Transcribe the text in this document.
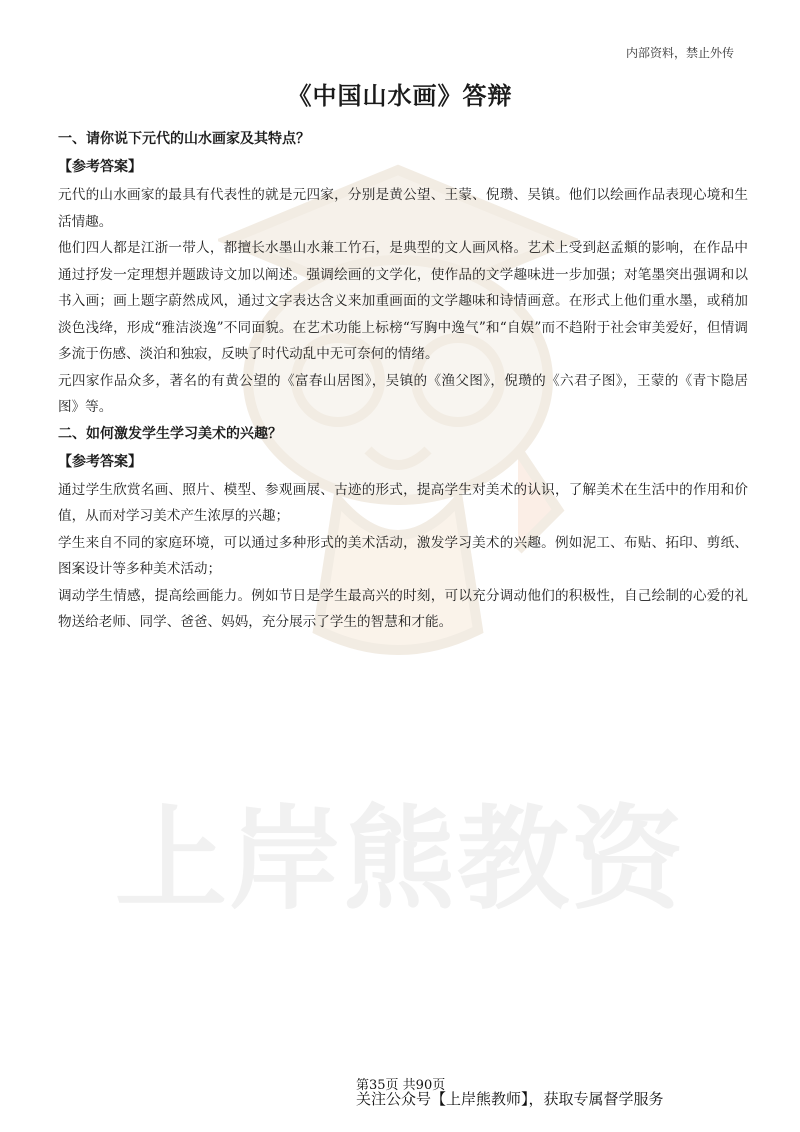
上岸熊教资
内部资料，禁止外传
《中国山水画》答辩
一、请你说下元代的山水画家及其特点？
【参考答案】

元代的山水画家的最具有代表性的就是元四家，分别是黄公望、王蒙、倪瓒、吴镇。他们以绘画作品表现心境和生活情趣。

他们四人都是江浙一带人，都擅长水墨山水兼工竹石，是典型的文人画风格。艺术上受到赵孟頫的影响，在作品中通过抒发一定理想并题跋诗文加以阐述。强调绘画的文学化，使作品的文学趣味进一步加强；对笔墨突出强调和以书入画；画上题字蔚然成风，通过文字表达含义来加重画面的文学趣味和诗情画意。在形式上他们重水墨，或稍加淡色浅绛，形成“雅洁淡逸”不同面貌。在艺术功能上标榜“写胸中逸气”和“自娱”而不趋附于社会审美爱好，但情调多流于伤感、淡泊和独寂，反映了时代动乱中无可奈何的情绪。

元四家作品众多，著名的有黄公望的《富春山居图》，吴镇的《渔父图》，倪瓒的《六君子图》，王蒙的《青卞隐居图》等。

二、如何激发学生学习美术的兴趣？
【参考答案】

通过学生欣赏名画、照片、模型、参观画展、古迹的形式，提高学生对美术的认识，了解美术在生活中的作用和价值，从而对学习美术产生浓厚的兴趣；

学生来自不同的家庭环境，可以通过多种形式的美术活动，激发学习美术的兴趣。例如泥工、布贴、拓印、剪纸、图案设计等多种美术活动；

调动学生情感，提高绘画能力。例如节日是学生最高兴的时刻，可以充分调动他们的积极性，自己绘制的心爱的礼物送给老师、同学、爸爸、妈妈，充分展示了学生的智慧和才能。

第35页 共90页
关注公众号【上岸熊教师】，获取专属督学服务
